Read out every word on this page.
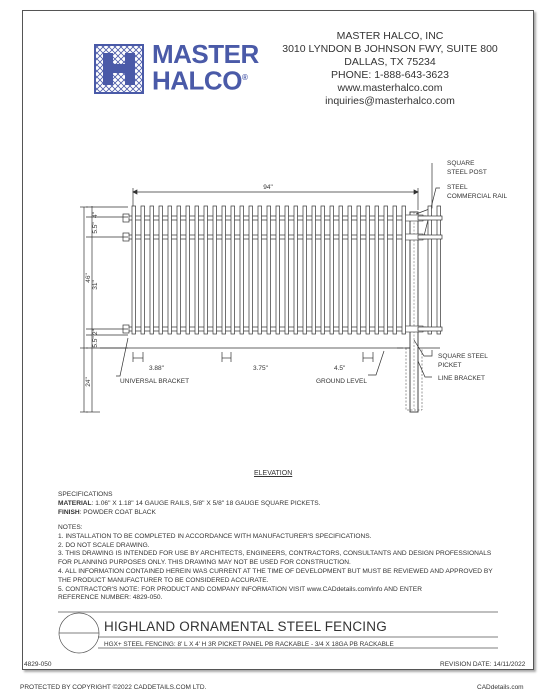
MASTER
HALCO®
MASTER HALCO, INC
3010 LYNDON B JOHNSON FWY, SUITE 800
DALLAS, TX 75234
PHONE: 1-888-643-3623
www.masterhalco.com
inquiries@masterhalco.com
94"
4"
5.5"
31"
2"
5.5"
46"
24"
3.88"	3.75"	4.5"
SQUARE
STEEL POST
STEEL
COMMERCIAL RAIL
SQUARE STEEL
PICKET
LINE BRACKET
UNIVERSAL BRACKET	GROUND LEVEL
ELEVATION
SPECIFICATIONS
MATERIAL: 1.06" X 1.18" 14 GAUGE RAILS, 5/8" X 5/8" 18 GAUGE SQUARE PICKETS.
FINISH: POWDER COAT BLACK
NOTES:
1. INSTALLATION TO BE COMPLETED IN ACCORDANCE WITH MANUFACTURER'S SPECIFICATIONS.
2. DO NOT SCALE DRAWING.
3. THIS DRAWING IS INTENDED FOR USE BY ARCHITECTS, ENGINEERS, CONTRACTORS, CONSULTANTS AND DESIGN PROFESSIONALS
FOR PLANNING PURPOSES ONLY. THIS DRAWING MAY NOT BE USED FOR CONSTRUCTION.
4. ALL INFORMATION CONTAINED HEREIN WAS CURRENT AT THE TIME OF DEVELOPMENT BUT MUST BE REVIEWED AND APPROVED BY
THE PRODUCT MANUFACTURER TO BE CONSIDERED ACCURATE.
5. CONTRACTOR'S NOTE: FOR PRODUCT AND COMPANY INFORMATION VISIT www.CADdetails.com/info AND ENTER
REFERENCE NUMBER: 4829-050.
HIGHLAND ORNAMENTAL STEEL FENCING
HGX+ STEEL FENCING: 8' L X 4' H 3R PICKET PANEL PB RACKABLE - 3/4 X 18GA PB RACKABLE
4829-050	REVISION DATE: 14/11/2022
PROTECTED BY COPYRIGHT ©2022 CADDETAILS.COM LTD.	CADdetails.com
